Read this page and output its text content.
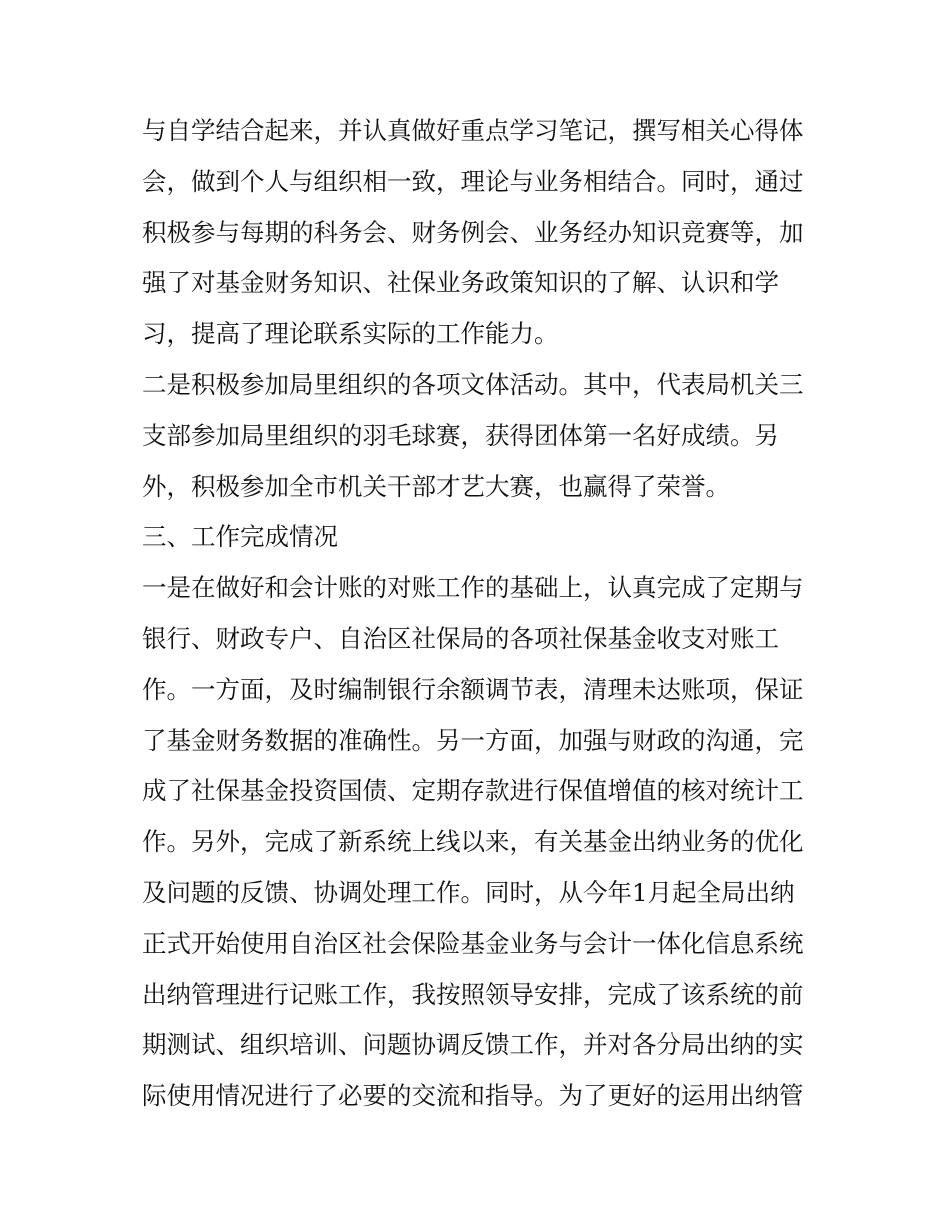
与自学结合起来，并认真做好重点学习笔记，撰写相关心得体
会，做到个人与组织相一致，理论与业务相结合。同时，通过
积极参与每期的科务会、财务例会、业务经办知识竞赛等，加
强了对基金财务知识、社保业务政策知识的了解、认识和学
习，提高了理论联系实际的工作能力。
二是积极参加局里组织的各项文体活动。其中，代表局机关三
支部参加局里组织的羽毛球赛，获得团体第一名好成绩。另
外，积极参加全市机关干部才艺大赛，也赢得了荣誉。
三、工作完成情况
一是在做好和会计账的对账工作的基础上，认真完成了定期与
银行、财政专户、自治区社保局的各项社保基金收支对账工
作。一方面，及时编制银行余额调节表，清理未达账项，保证
了基金财务数据的准确性。另一方面，加强与财政的沟通，完
成了社保基金投资国债、定期存款进行保值增值的核对统计工
作。另外，完成了新系统上线以来，有关基金出纳业务的优化
及问题的反馈、协调处理工作。同时，从今年1月起全局出纳
正式开始使用自治区社会保险基金业务与会计一体化信息系统
出纳管理进行记账工作，我按照领导安排，完成了该系统的前
期测试、组织培训、问题协调反馈工作，并对各分局出纳的实
际使用情况进行了必要的交流和指导。为了更好的运用出纳管
